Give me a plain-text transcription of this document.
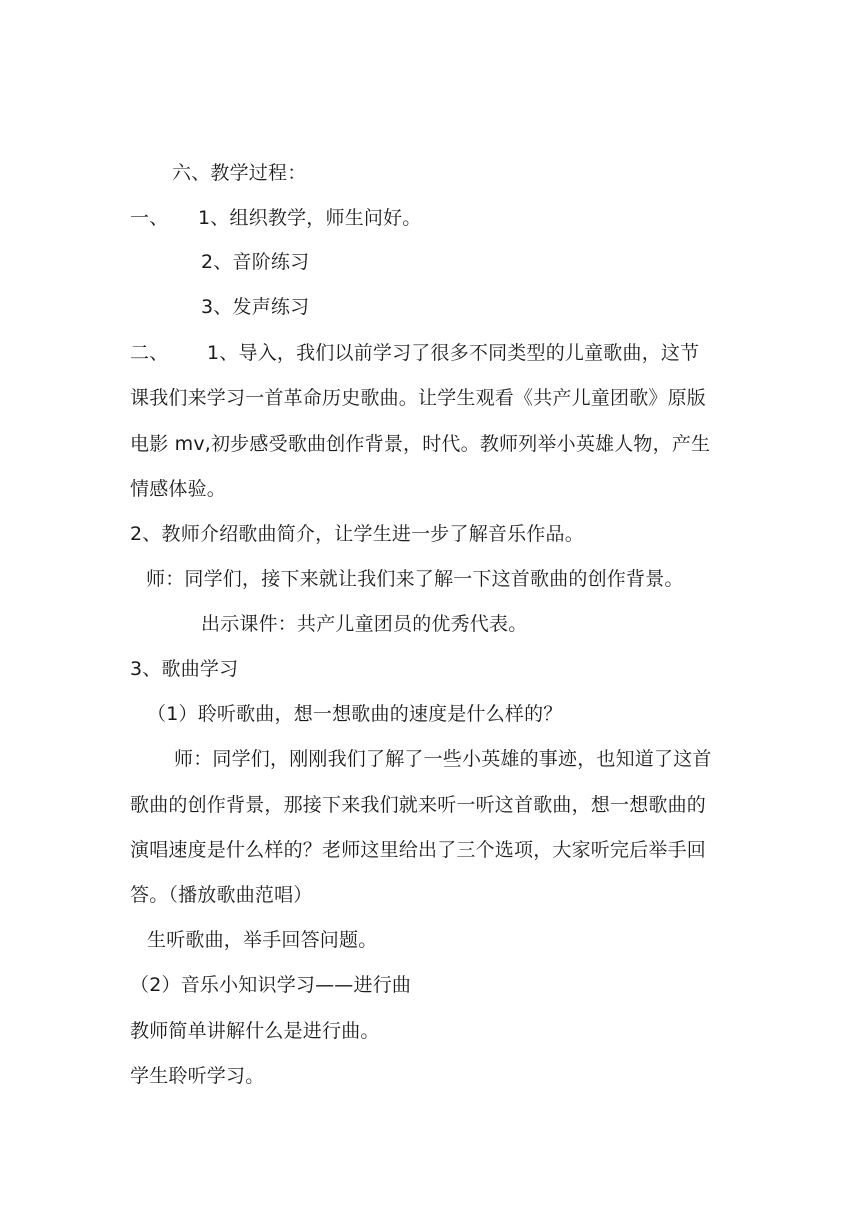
六、教学过程：
一、 1、组织教学，师生问好。
2、音阶练习
3、发声练习
二、 1、导入，我们以前学习了很多不同类型的儿童歌曲，这节
课我们来学习一首革命历史歌曲。让学生观看《共产儿童团歌》原版
电影 mv,初步感受歌曲创作背景，时代。教师列举小英雄人物，产生
情感体验。
2、教师介绍歌曲简介，让学生进一步了解音乐作品。
师：同学们，接下来就让我们来了解一下这首歌曲的创作背景。
出示课件：共产儿童团员的优秀代表。
3、歌曲学习
（1）聆听歌曲，想一想歌曲的速度是什么样的？
师：同学们，刚刚我们了解了一些小英雄的事迹，也知道了这首
歌曲的创作背景，那接下来我们就来听一听这首歌曲，想一想歌曲的
演唱速度是什么样的？老师这里给出了三个选项，大家听完后举手回
答。（播放歌曲范唱）
生听歌曲，举手回答问题。
（2）音乐小知识学习——进行曲
教师简单讲解什么是进行曲。
学生聆听学习。
